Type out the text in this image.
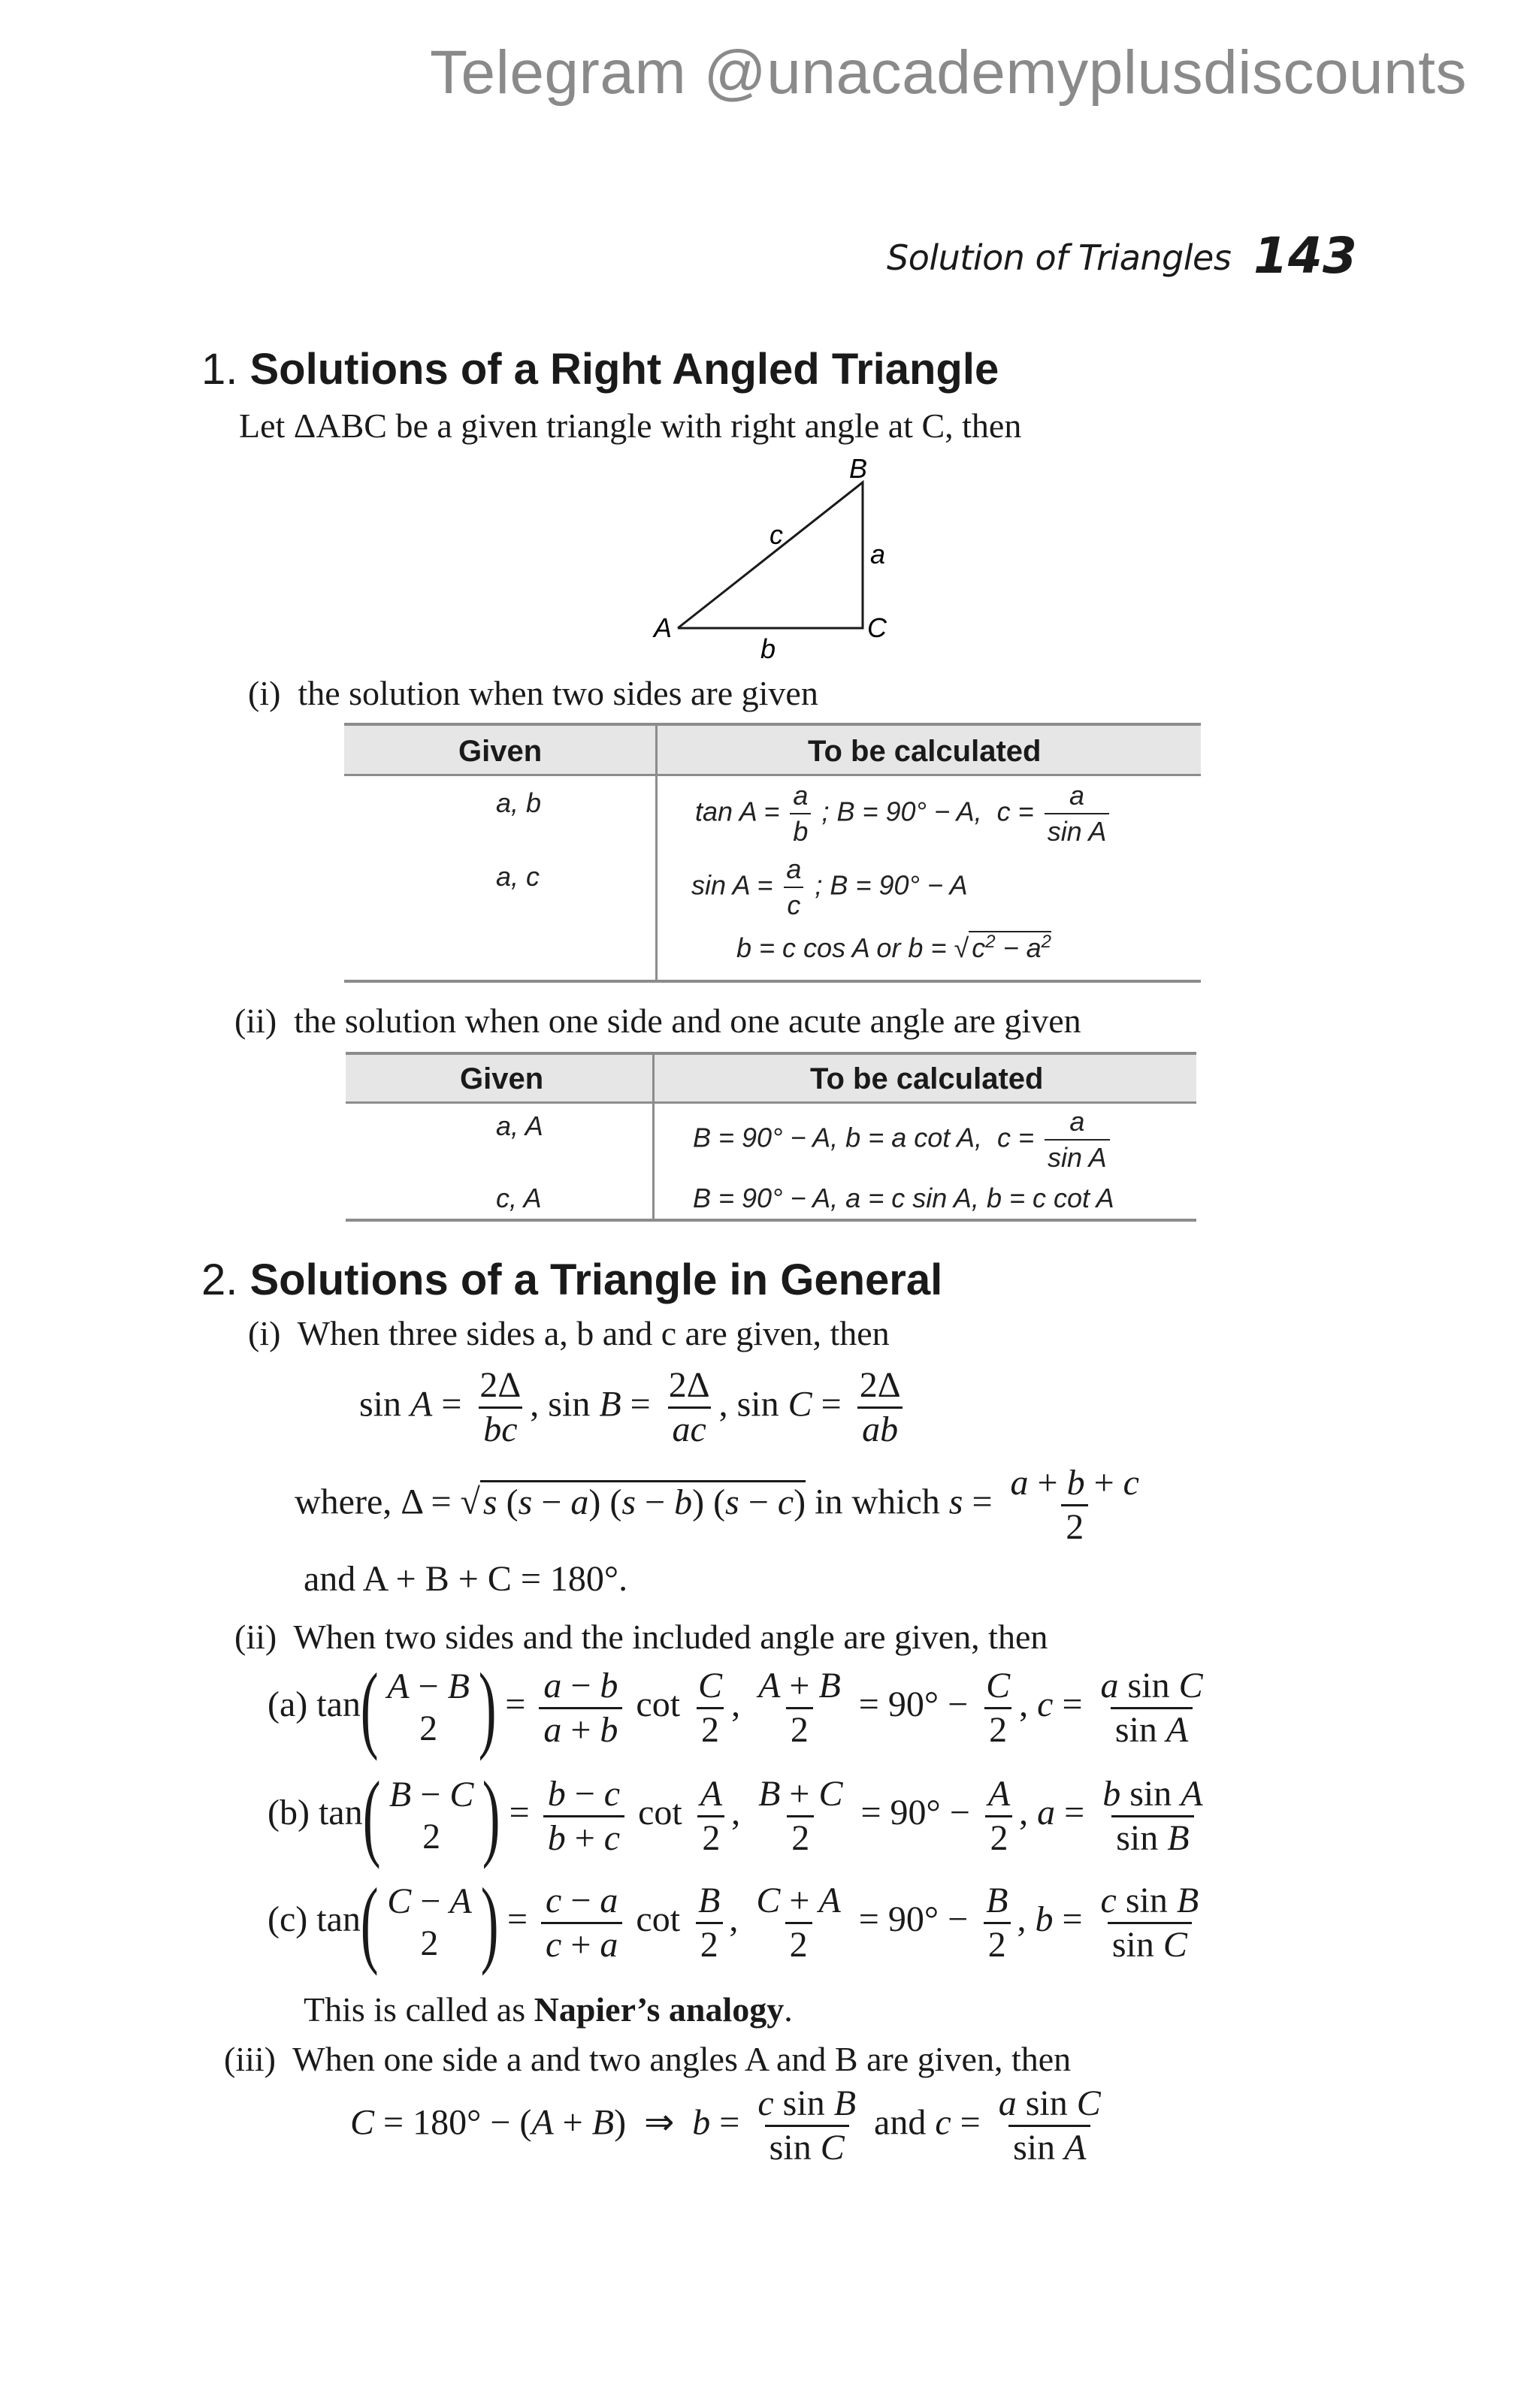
Telegram @unacademyplusdiscounts
Solution of Triangles 143
1. Solutions of a Right Angled Triangle
Let ΔABC be a given triangle with right angle at C, then
B
A	C
a
b
c
(i) the solution when two sides are given
Given	To be calculated
a, b	$\tan A = \frac{a}{b}$ ; B = 90° − A,  $c = \frac{a}{\text{sin A}}$
a, c	$\sin A = \frac{a}{c}$ ; B = 90° − A
b = c cos A or b = √ $c^2 - a^2$
(ii) the solution when one side and one acute angle are given
Given	To be calculated
a, A	B = 90° − A, b = a cot A,  $c = \frac{a}{\text{sin A}}$
c, A	B = 90° − A, a = c sin A, b = c cot A
2. Solutions of a Triangle in General
(i) When three sides a, b and c are given, then
$\sin A = \frac{2\Delta}{bc}$ , $\sin B = \frac{2\Delta}{ac}$ , $\sin C = \frac{2\Delta}{ab}$
where, Δ = √s (s − a) (s − b) (s − c) in which $s = \frac{a + b + c}{2}$
and A + B + C = 180°.
(ii) When two sides and the included angle are given, then
(a) tan( A − B
2 ) = $\frac{a - b}{a + b}$ $\cot \frac{C}{2}$ , $\frac{A + B}{2} = 90^\circ - \frac{C}{2}$ , $c = \frac{\text{a sin C}}{\text{sin A}}$
(b) tan( B − C
2 ) = $\frac{b - c}{b + c}$ $\cot \frac{A}{2}$ , $\frac{B + C}{2} = 90^\circ - \frac{A}{2}$ , $a = \frac{\text{b sin A}}{\text{sin B}}$
(c) tan( C − A
2 ) = $\frac{c - a}{c + a}$ $\cot \frac{B}{2}$ , $\frac{C + A}{2} = 90^\circ - \frac{B}{2}$ , $b = \frac{\text{c sin B}}{\text{sin C}}$
This is called as Napier’s analogy.
(iii) When one side a and two angles A and B are given, then
C = 180° − (A + B)  ⇒  $b = \frac{\text{c sin B}}{\text{sin C}}$ and $c = \frac{\text{a sin C}}{\text{sin A}}$
